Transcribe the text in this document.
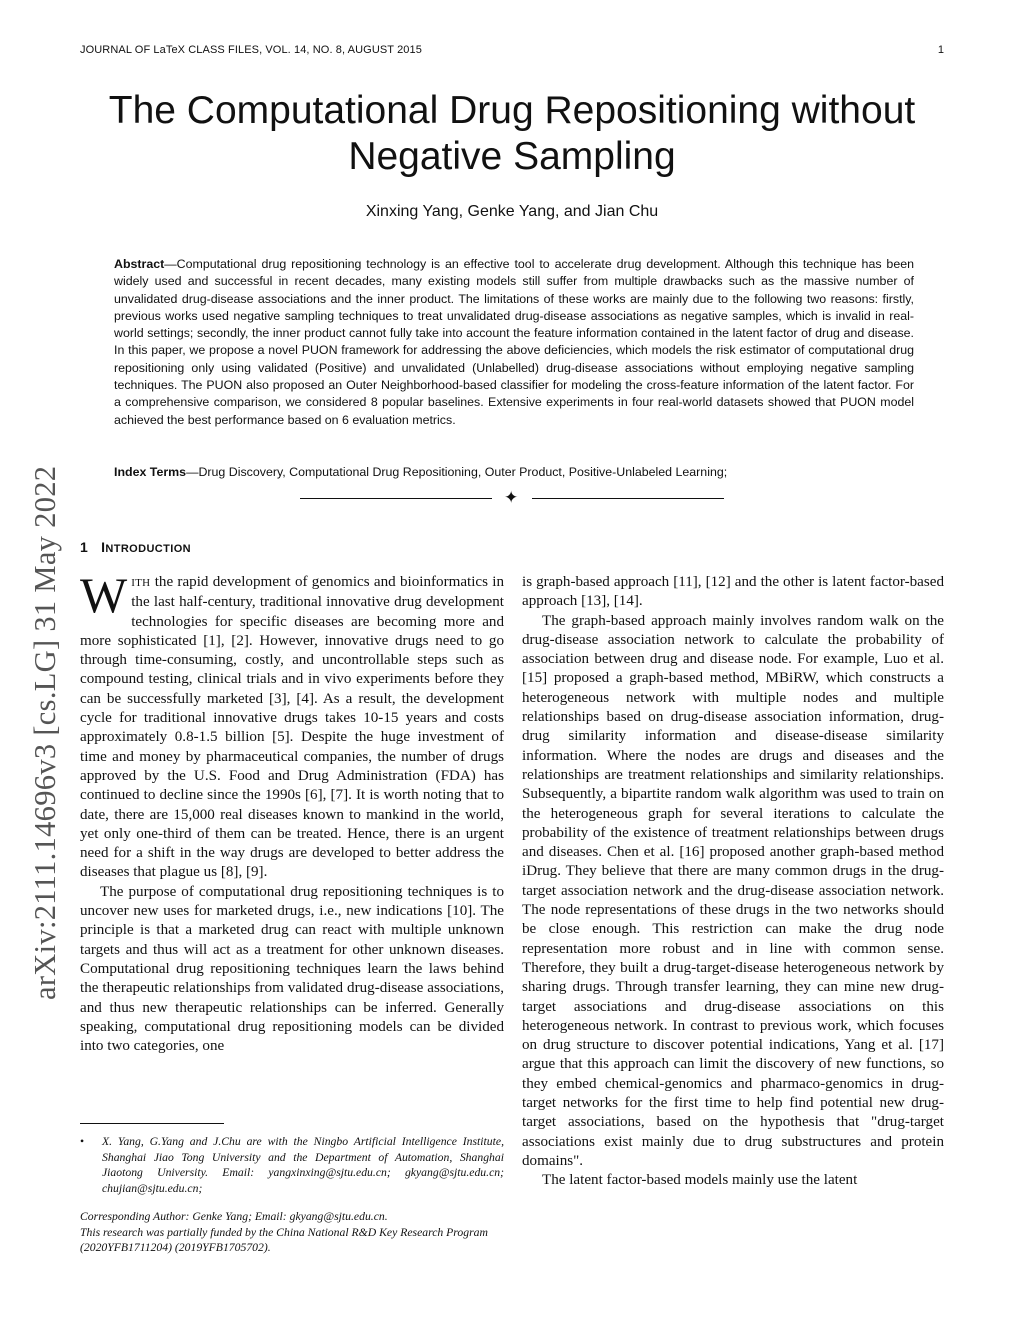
JOURNAL OF LaTeX CLASS FILES, VOL. 14, NO. 8, AUGUST 2015	1
The Computational Drug Repositioning without Negative Sampling
Xinxing Yang, Genke Yang, and Jian Chu
Abstract—Computational drug repositioning technology is an effective tool to accelerate drug development. Although this technique has been widely used and successful in recent decades, many existing models still suffer from multiple drawbacks such as the massive number of unvalidated drug-disease associations and the inner product. The limitations of these works are mainly due to the following two reasons: firstly, previous works used negative sampling techniques to treat unvalidated drug-disease associations as negative samples, which is invalid in real-world settings; secondly, the inner product cannot fully take into account the feature information contained in the latent factor of drug and disease. In this paper, we propose a novel PUON framework for addressing the above deficiencies, which models the risk estimator of computational drug repositioning only using validated (Positive) and unvalidated (Unlabelled) drug-disease associations without employing negative sampling techniques. The PUON also proposed an Outer Neighborhood-based classifier for modeling the cross-feature information of the latent factor. For a comprehensive comparison, we considered 8 popular baselines. Extensive experiments in four real-world datasets showed that PUON model achieved the best performance based on 6 evaluation metrics.
Index Terms—Drug Discovery, Computational Drug Repositioning, Outer Product, Positive-Unlabeled Learning;
✦
arXiv:2111.14696v3 [cs.LG] 31 May 2022	1 INTRODUCTION

WITH the rapid development of genomics and bioinformatics in the last half-century, traditional innovative drug development technologies for specific diseases are becoming more and more sophisticated [1], [2]. However, innovative drugs need to go through time-consuming, costly, and uncontrollable steps such as compound testing, clinical trials and in vivo experiments before they can be successfully marketed [3], [4]. As a result, the development cycle for traditional innovative drugs takes 10-15 years and costs approximately 0.8-1.5 billion [5]. Despite the huge investment of time and money by pharmaceutical companies, the number of drugs approved by the U.S. Food and Drug Administration (FDA) has continued to decline since the 1990s [6], [7]. It is worth noting that to date, there are 15,000 real diseases known to mankind in the world, yet only one-third of them can be treated. Hence, there is an urgent need for a shift in the way drugs are developed to better address the diseases that plague us [8], [9].

The purpose of computational drug repositioning techniques is to uncover new uses for marketed drugs, i.e., new indications [10]. The principle is that a marketed drug can react with multiple unknown targets and thus will act as a treatment for other unknown diseases. Computational drug repositioning techniques learn the laws behind the therapeutic relationships from validated drug-disease associations, and thus new therapeutic relationships can be inferred. Generally speaking, computational drug repositioning models can be divided into two categories, one

is graph-based approach [11], [12] and the other is latent factor-based approach [13], [14].

The graph-based approach mainly involves random walk on the drug-disease association network to calculate the probability of association between drug and disease node. For example, Luo et al. [15] proposed a graph-based method, MBiRW, which constructs a heterogeneous network with multiple nodes and multiple relationships based on drug-disease association information, drug-drug similarity information and disease-disease similarity information. Where the nodes are drugs and diseases and the relationships are treatment relationships and similarity relationships. Subsequently, a bipartite random walk algorithm was used to train on the heterogeneous graph for several iterations to calculate the probability of the existence of treatment relationships between drugs and diseases. Chen et al. [16] proposed another graph-based method iDrug. They believe that there are many common drugs in the drug-target association network and the drug-disease association network. The node representations of these drugs in the two networks should be close enough. This restriction can make the drug node representation more robust and in line with common sense. Therefore, they built a drug-target-disease heterogeneous network by sharing drugs. Through transfer learning, they can mine new drug-target associations and drug-disease associations on this heterogeneous network. In contrast to previous work, which focuses on drug structure to discover potential indications, Yang et al. [17] argue that this approach can limit the discovery of new functions, so they embed chemical-genomics and pharmaco-genomics in drug-target networks for the first time to help find potential new drug-target associations, based on the hypothesis that "drug-target associations exist mainly due to drug substructures and protein domains".

The latent factor-based models mainly use the latent

• X. Yang, G.Yang and J.Chu are with the Ningbo Artificial Intelligence Institute, Shanghai Jiao Tong University and the Department of Automation, Shanghai Jiaotong University. Email: yangxinxing@sjtu.edu.cn; gkyang@sjtu.edu.cn; chujian@sjtu.edu.cn;

Corresponding Author: Genke Yang; Email: gkyang@sjtu.edu.cn.

This research was partially funded by the China National R&D Key Research Program (2020YFB1711204) (2019YFB1705702).
